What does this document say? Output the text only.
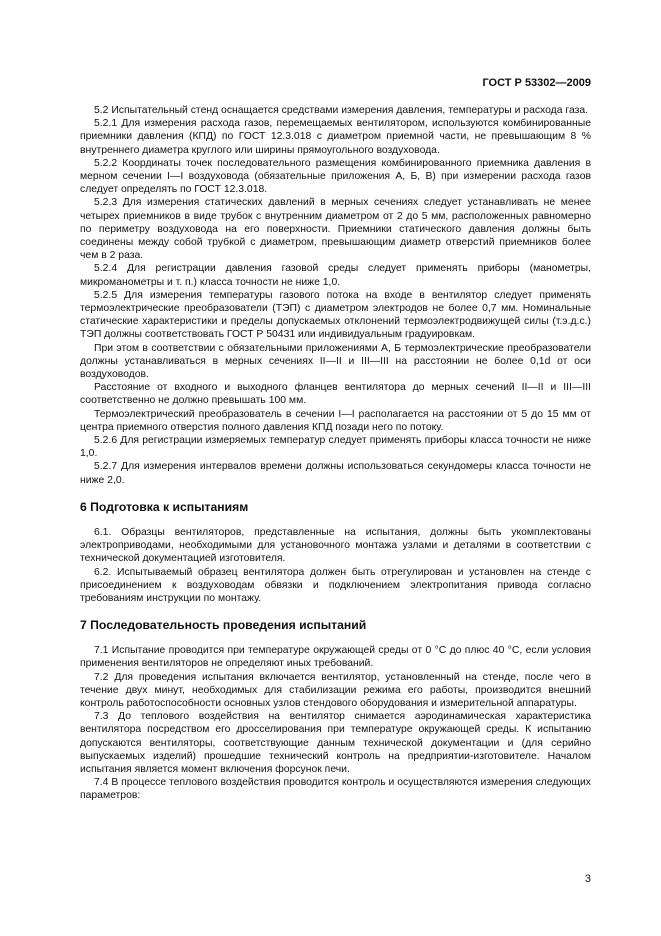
ГОСТ Р 53302—2009

5.2 Испытательный стенд оснащается средствами измерения давления, температуры и расхода газа.

5.2.1 Для измерения расхода газов, перемещаемых вентилятором, используются комбинированные приемники давления (КПД) по ГОСТ 12.3.018 с диаметром приемной части, не превышающим 8 % внутреннего диаметра круглого или ширины прямоугольного воздуховода.

5.2.2 Координаты точек последовательного размещения комбинированного приемника давления в мерном сечении I—I воздуховода (обязательные приложения А, Б, В) при измерении расхода газов следует определять по ГОСТ 12.3.018.

5.2.3 Для измерения статических давлений в мерных сечениях следует устанавливать не менее четырех приемников в виде трубок с внутренним диаметром от 2 до 5 мм, расположенных равномерно по периметру воздуховода на его поверхности. Приемники статического давления должны быть соединены между собой трубкой с диаметром, превышающим диаметр отверстий приемников более чем в 2 раза.

5.2.4 Для регистрации давления газовой среды следует применять приборы (манометры, микроманометры и т. п.) класса точности не ниже 1,0.

5.2.5 Для измерения температуры газового потока на входе в вентилятор следует применять термоэлектрические преобразователи (ТЭП) с диаметром электродов не более 0,7 мм. Номинальные статические характеристики и пределы допускаемых отклонений термоэлектродвижущей силы (т.э.д.с.) ТЭП должны соответствовать ГОСТ Р 50431 или индивидуальным градуировкам.

При этом в соответствии с обязательными приложениями А, Б термоэлектрические преобразователи должны устанавливаться в мерных сечениях II—II и III—III на расстоянии не более 0,1d от оси воздуховодов.

Расстояние от входного и выходного фланцев вентилятора до мерных сечений II—II и III—III соответственно не должно превышать 100 мм.

Термоэлектрический преобразователь в сечении I—I располагается на расстоянии от 5 до 15 мм от центра приемного отверстия полного давления КПД позади него по потоку.

5.2.6 Для регистрации измеряемых температур следует применять приборы класса точности не ниже 1,0.

5.2.7 Для измерения интервалов времени должны использоваться секундомеры класса точности не ниже 2,0.

6 Подготовка к испытаниям

6.1. Образцы вентиляторов, представленные на испытания, должны быть укомплектованы электроприводами, необходимыми для установочного монтажа узлами и деталями в соответствии с технической документацией изготовителя.

6.2. Испытываемый образец вентилятора должен быть отрегулирован и установлен на стенде с присоединением к воздуховодам обвязки и подключением электропитания привода согласно требованиям инструкции по монтажу.

7 Последовательность проведения испытаний

7.1 Испытание проводится при температуре окружающей среды от 0 °С до плюс 40 °С, если условия применения вентиляторов не определяют иных требований.

7.2 Для проведения испытания включается вентилятор, установленный на стенде, после чего в течение двух минут, необходимых для стабилизации режима его работы, производится внешний контроль работоспособности основных узлов стендового оборудования и измерительной аппаратуры.

7.3 До теплового воздействия на вентилятор снимается аэродинамическая характеристика вентилятора посредством его дросселирования при температуре окружающей среды. К испытанию допускаются вентиляторы, соответствующие данным технической документации и (для серийно выпускаемых изделий) прошедшие технический контроль на предприятии-изготовителе. Началом испытания является момент включения форсунок печи.

7.4 В процессе теплового воздействия проводится контроль и осуществляются измерения следующих параметров:

3
